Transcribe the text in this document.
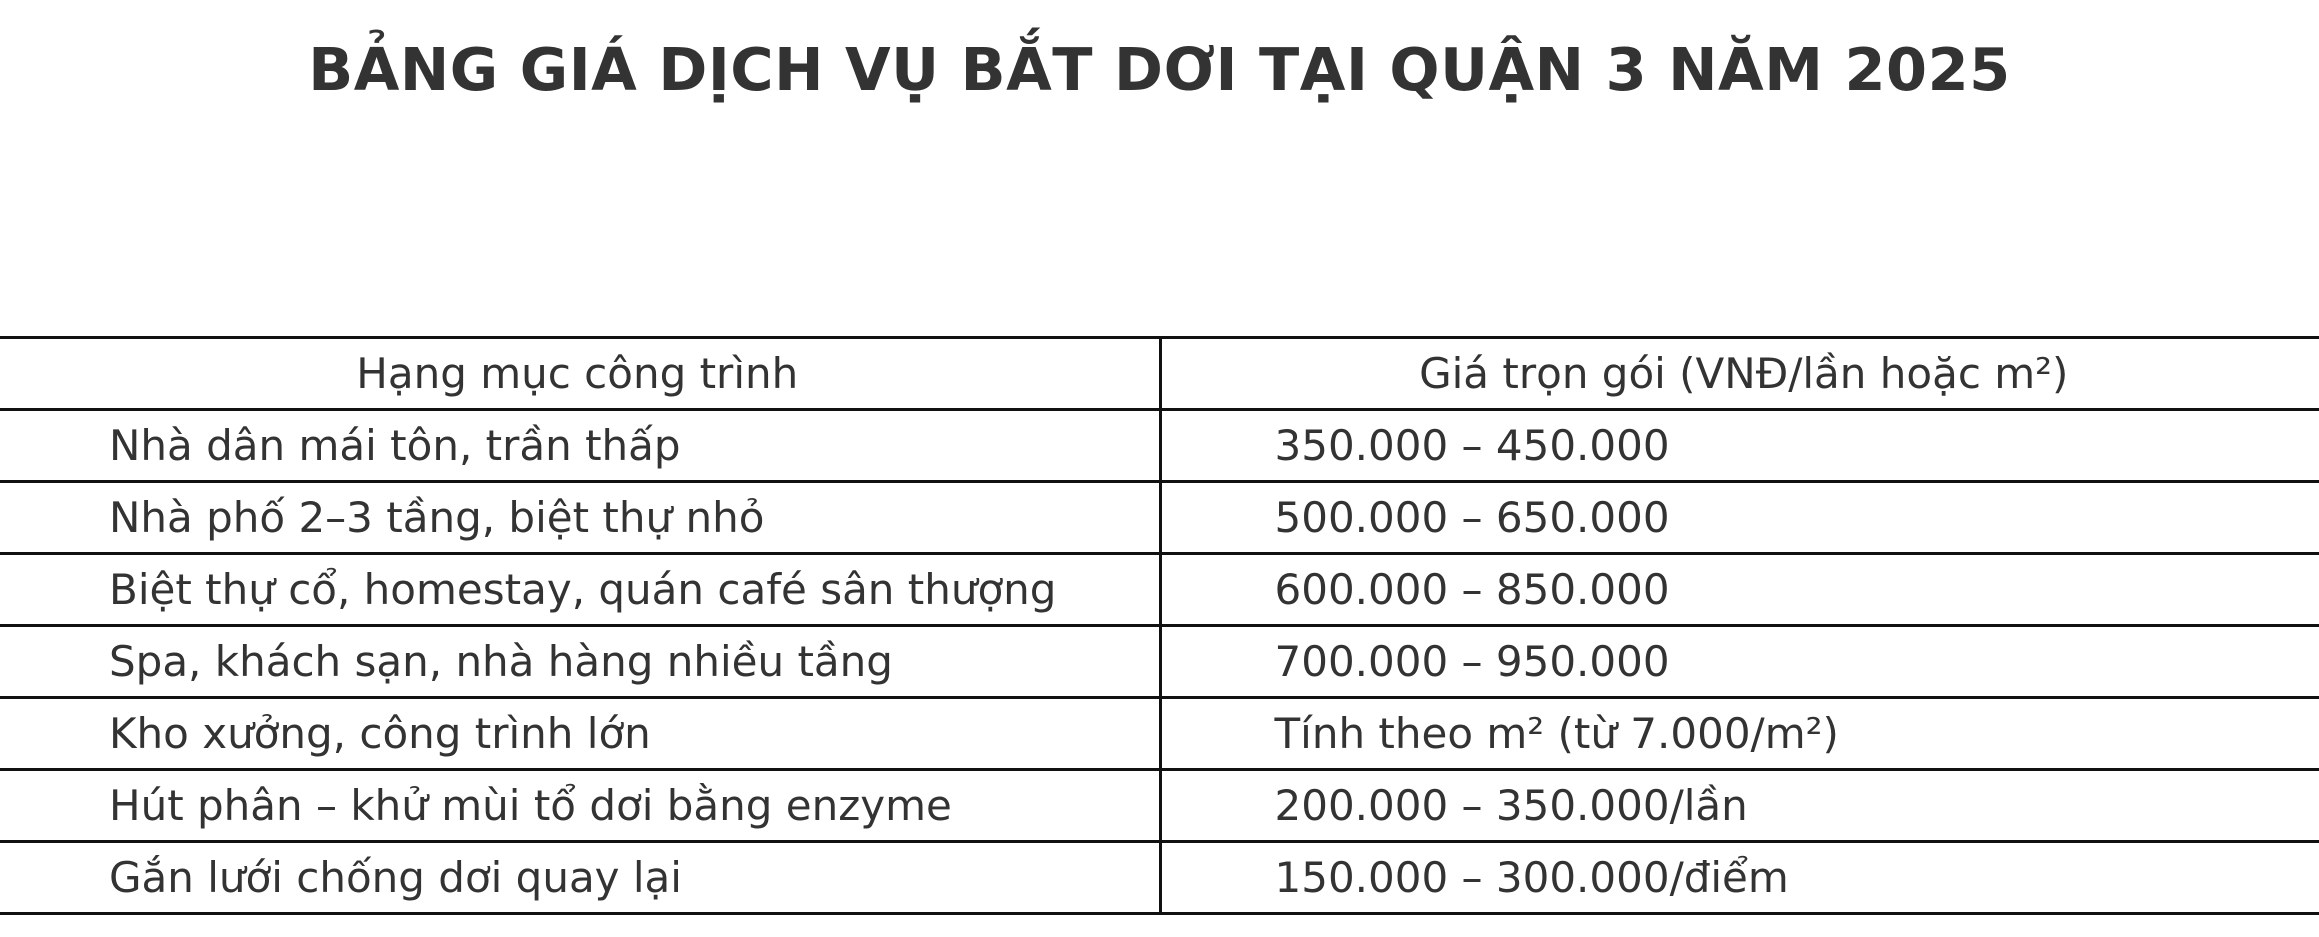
BẢNG GIÁ DỊCH VỤ BẮT DƠI TẠI QUẬN 3 NĂM 2025
Hạng mục công trình	Giá trọn gói (VNĐ/lần hoặc m²)
Nhà dân mái tôn, trần thấp	350.000 – 450.000
Nhà phố 2–3 tầng, biệt thự nhỏ	500.000 – 650.000
Biệt thự cổ, homestay, quán café sân thượng	600.000 – 850.000
Spa, khách sạn, nhà hàng nhiều tầng	700.000 – 950.000
Kho xưởng, công trình lớn	Tính theo m² (từ 7.000/m²)
Hút phân – khử mùi tổ dơi bằng enzyme	200.000 – 350.000/lần
Gắn lưới chống dơi quay lại	150.000 – 300.000/điểm
